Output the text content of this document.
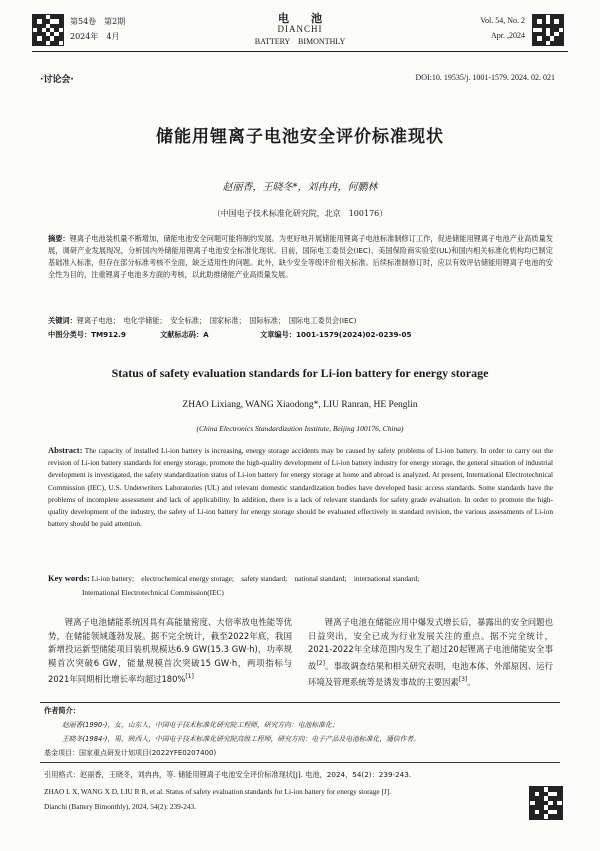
第54卷　第2期
2024年　4月
电　　池
DIANCHI
BATTERY　BIMONTHLY
Vol. 54, No. 2
Apr. ,2024
·讨论会·	DOI:10. 19535/j. 1001-1579. 2024. 02. 021
储能用锂离子电池安全评价标准现状
赵丽香，王晓冬*，刘冉冉，何鹏林
（中国电子技术标准化研究院，北京　100176）

摘要：锂离子电池装机量不断增加，储能电池安全问题可能将制约发展。为更好地开展储能用锂离子电池标准制修订工作，促进储能用锂离子电池产业高质量发展，调研产业发展现况，分析国内外储能用锂离子电池安全标准化现状。目前，国际电工委员会(IEC)、美国保险商实验室(UL)和国内相关标准化机构均已制定基础准入标准，但存在部分标准考核不全面，缺乏适用性的问题。此外，缺少安全等级评价相关标准。后续标准制修订时，应以有效评估储能用锂离子电池的安全性为目的，注重锂离子电池多方面的考核，以此助推储能产业高质量发展。

关键词：锂离子电池；　电化学储能；　安全标准；　国家标准；　国际标准；　国际电工委员会(IEC)

中图分类号：TM912.9	文献标志码：A	文章编号：1001-1579(2024)02-0239-05
Status of safety evaluation standards for Li-ion battery for energy storage
ZHAO Lixiang, WANG Xiaodong*, LIU Ranran, HE Penglin
(China Electronics Standardization Institute, Beijing 100176, China)
Abstract: The capacity of installed Li-ion battery is increasing, energy storage accidents may be caused by safety problems of Li-ion battery. In order to carry out the revision of Li-ion battery standards for energy storage, promote the high-quality development of Li-ion battery industry for energy storage, the general situation of industrial development is investigated, the safety standardization status of Li-ion battery for energy storage at home and abroad is analyzed. At present, International Electrotechnical Commission (IEC), U.S. Underwriters Laboratories (UL) and relevant domestic standardization bodies have developed basic access standards. Some standards have the problems of incomplete assessment and lack of applicability. In addition, there is a lack of relevant standards for safety grade evaluation. In order to promote the high-quality development of the industry, the safety of Li-ion battery for energy storage should be evaluated effectively in standard revision, the various assessments of Li-ion battery should be paid attention.
Key words: Li-ion battery;　electrochemical energy storage;　safety standard;　national standard;　international standard;
International Electrotechnical Commission(IEC)
锂离子电池储能系统因具有高能量密度、大倍率放电性能等优势，在储能领域蓬勃发展。据不完全统计，截至2022年底，我国新增投运新型储能项目装机规模达6.9 GW(15.3 GW·h)，功率规模首次突破6 GW，能量规模首次突破15 GW·h，两项指标与2021年同期相比增长率均超过180%[1]
锂离子电池在储能应用中爆发式增长后，暴露出的安全问题也日益突出，安全已成为行业发展关注的重点。据不完全统计，2021-2022年全球范围内发生了超过20起锂离子电池储能安全事故[2]。事故调查结果和相关研究表明，电池本体、外部原因、运行环境及管理系统等是诱发事故的主要因素[3]。
作者简介：
赵丽香(1990-)，女，山东人，中国电子技术标准化研究院工程师，研究方向：电池标准化；
王晓冬(1984-)，男，陕西人，中国电子技术标准化研究院高级工程师，研究方向：电子产品及电池标准化，通信作者。
基金项目：国家重点研发计划项目(2022YFE0207400)
引用格式：赵丽香，王晓冬，刘冉冉，等. 储能用锂离子电池安全评价标准现状[J]. 电池，2024，54(2)：239-243.
ZHAO L X, WANG X D, LIU R R, et al. Status of safety evaluation standards for Li-ion battery for energy storage [J].
Dianchi (Battery Bimonthly), 2024, 54(2): 239-243.
